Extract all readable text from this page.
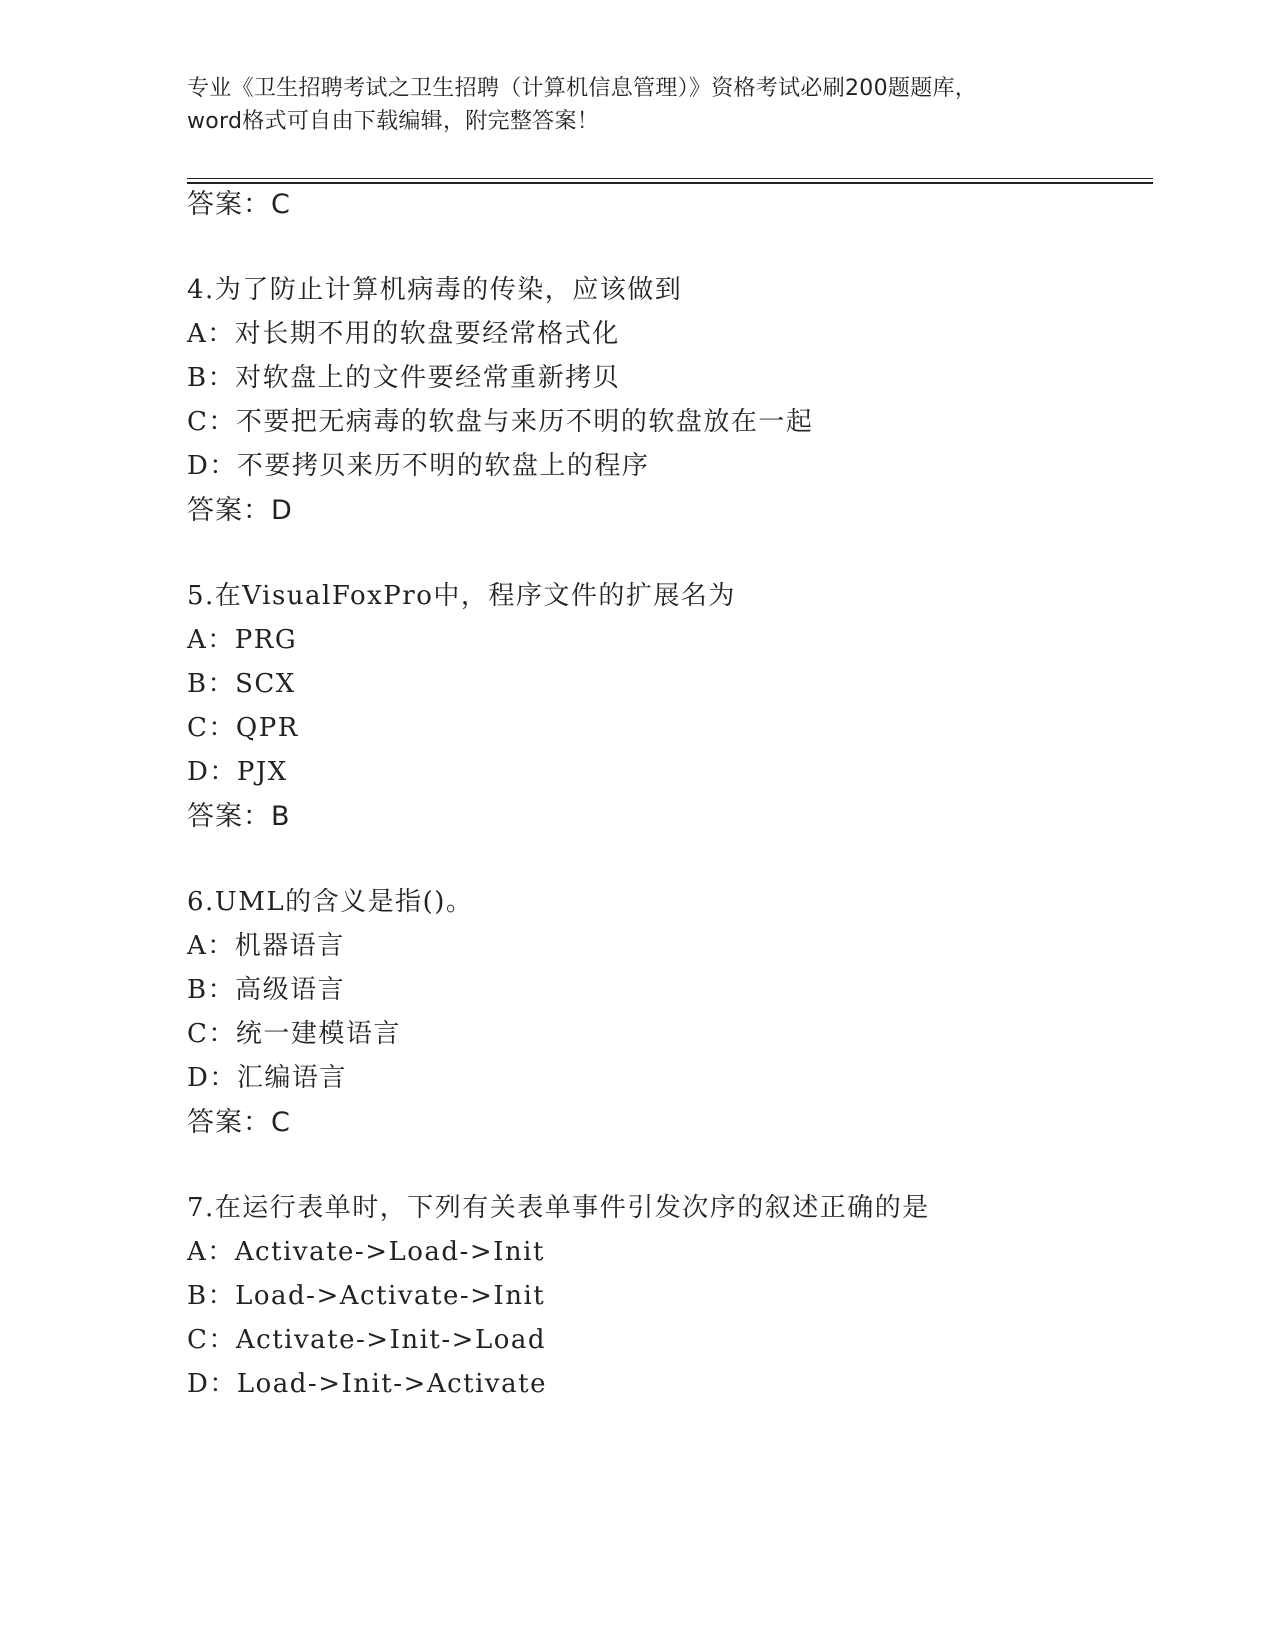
专业《卫生招聘考试之卫生招聘（计算机信息管理）》资格考试必刷200题题库，
word格式可自由下载编辑，附完整答案！
答案：C
4.为了防止计算机病毒的传染，应该做到
A：对长期不用的软盘要经常格式化
B：对软盘上的文件要经常重新拷贝
C：不要把无病毒的软盘与来历不明的软盘放在一起
D：不要拷贝来历不明的软盘上的程序
答案：D
5.在VisualFoxPro中，程序文件的扩展名为
A：PRG
B：SCX
C：QPR
D：PJX
答案：B
6.UML的含义是指()。
A：机器语言
B：高级语言
C：统一建模语言
D：汇编语言
答案：C
7.在运行表单时，下列有关表单事件引发次序的叙述正确的是
A：Activate->Load->Init
B：Load->Activate->Init
C：Activate->Init->Load
D：Load->Init->Activate
